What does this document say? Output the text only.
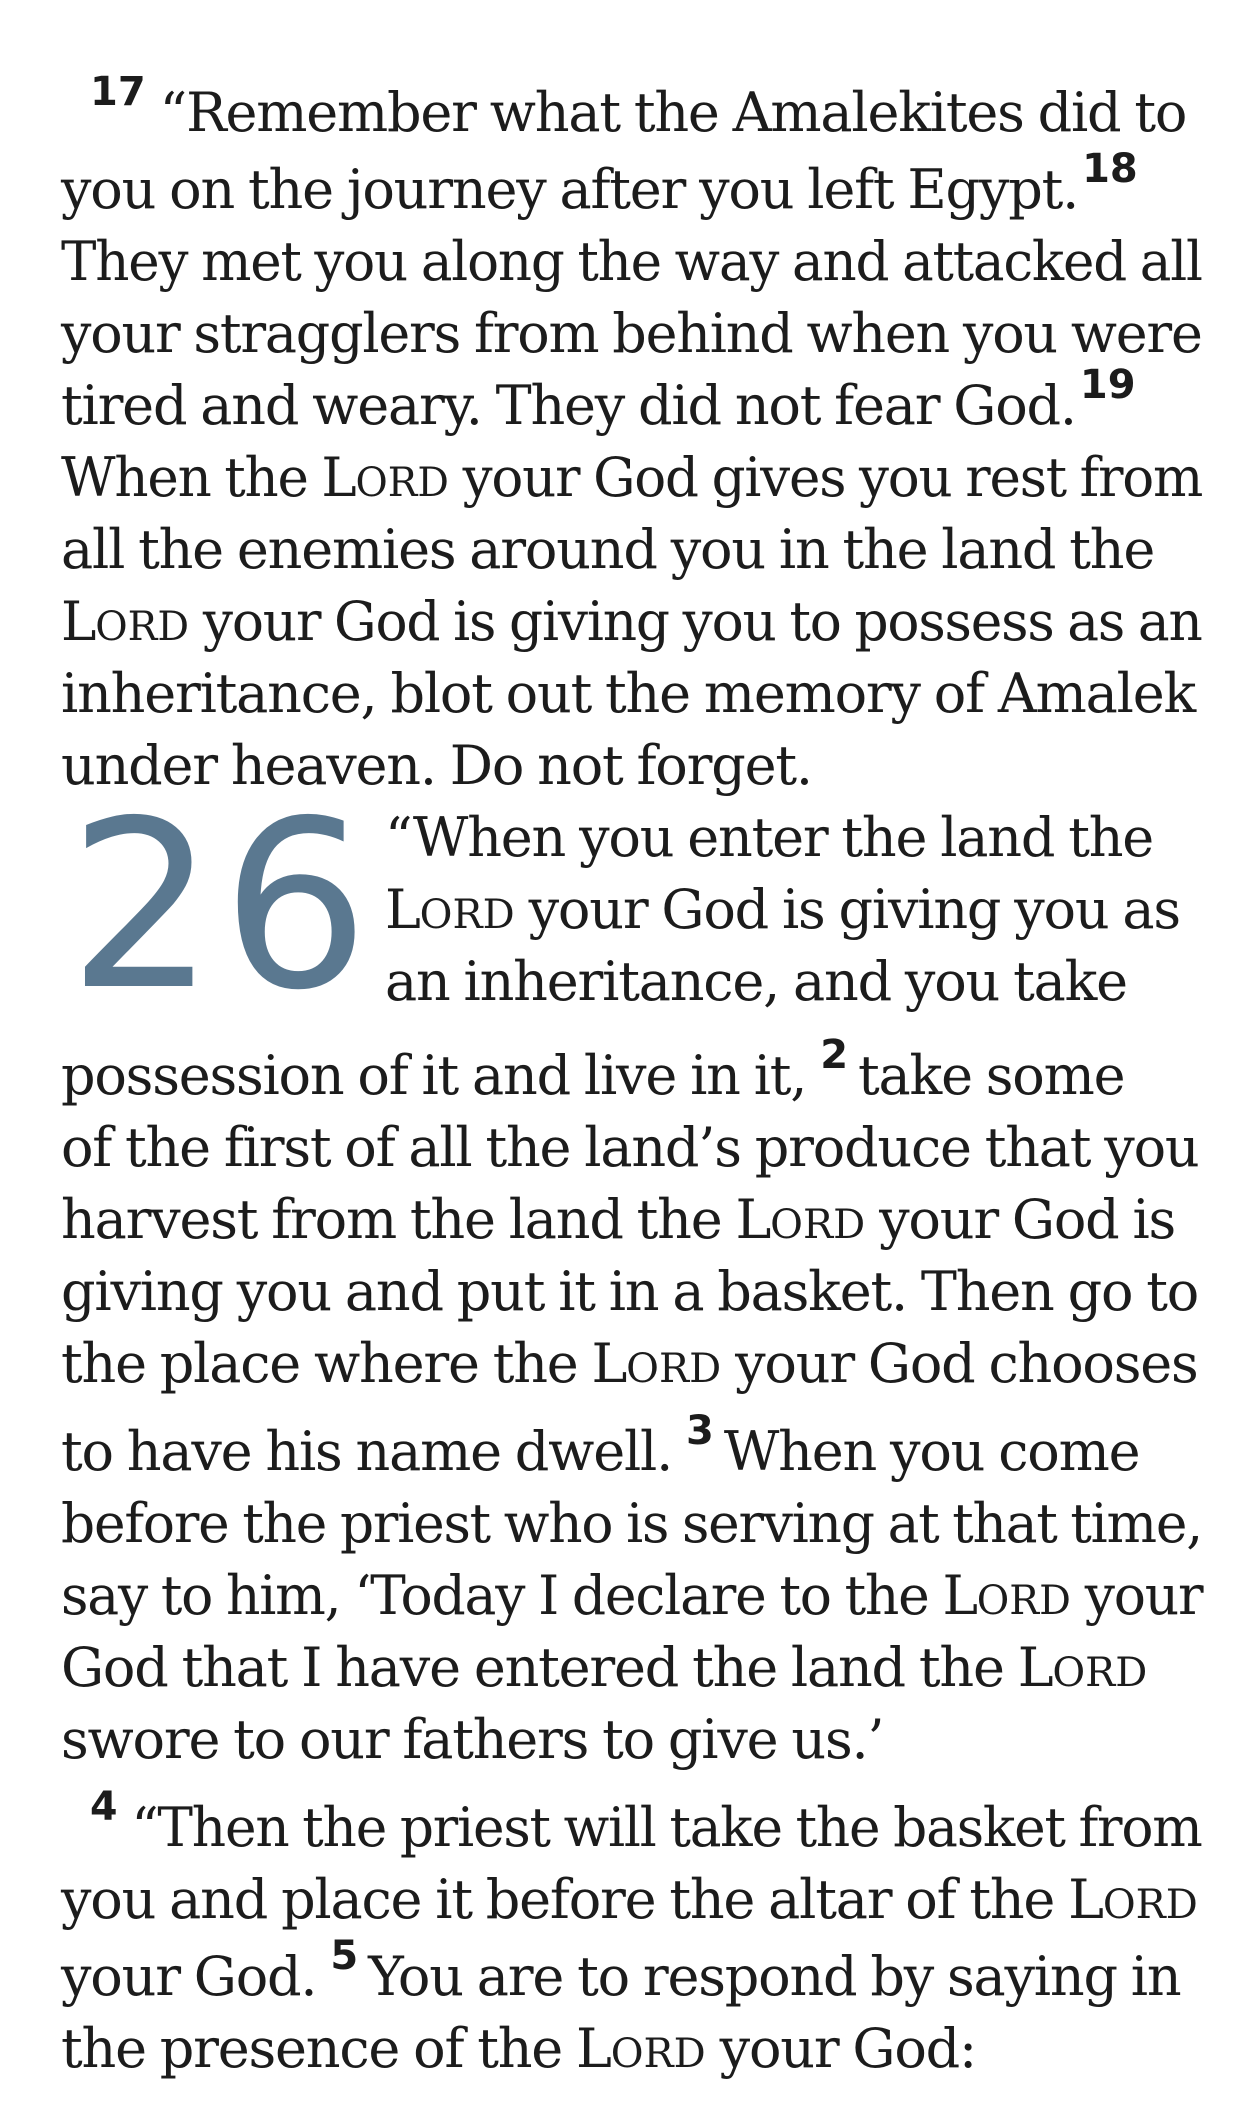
$^{17}$ “Remember what the Amalekites did to
you on the journey after you left Egypt. $^{18}$
They met you along the way and attacked all
your stragglers from behind when you were
tired and weary. They did not fear God. $^{19}$
When the LORD your God gives you rest from
all the enemies around you in the land the
LORD your God is giving you to possess as an
inheritance, blot out the memory of Amalek
under heaven. Do not forget.
26 “When you enter the land the
LORD your God is giving you as
an inheritance, and you take
possession of it and live in it, $^2$ take some
of the first of all the land’s produce that you
harvest from the land the LORD your God is
giving you and put it in a basket. Then go to
the place where the LORD your God chooses
to have his name dwell. $^3$ When you come
before the priest who is serving at that time,
say to him, ‘Today I declare to the LORD your
God that I have entered the land the LORD
swore to our fathers to give us.’
$^4$ “Then the priest will take the basket from
you and place it before the altar of the LORD
your God. $^5$ You are to respond by saying in
the presence of the LORD your God:
